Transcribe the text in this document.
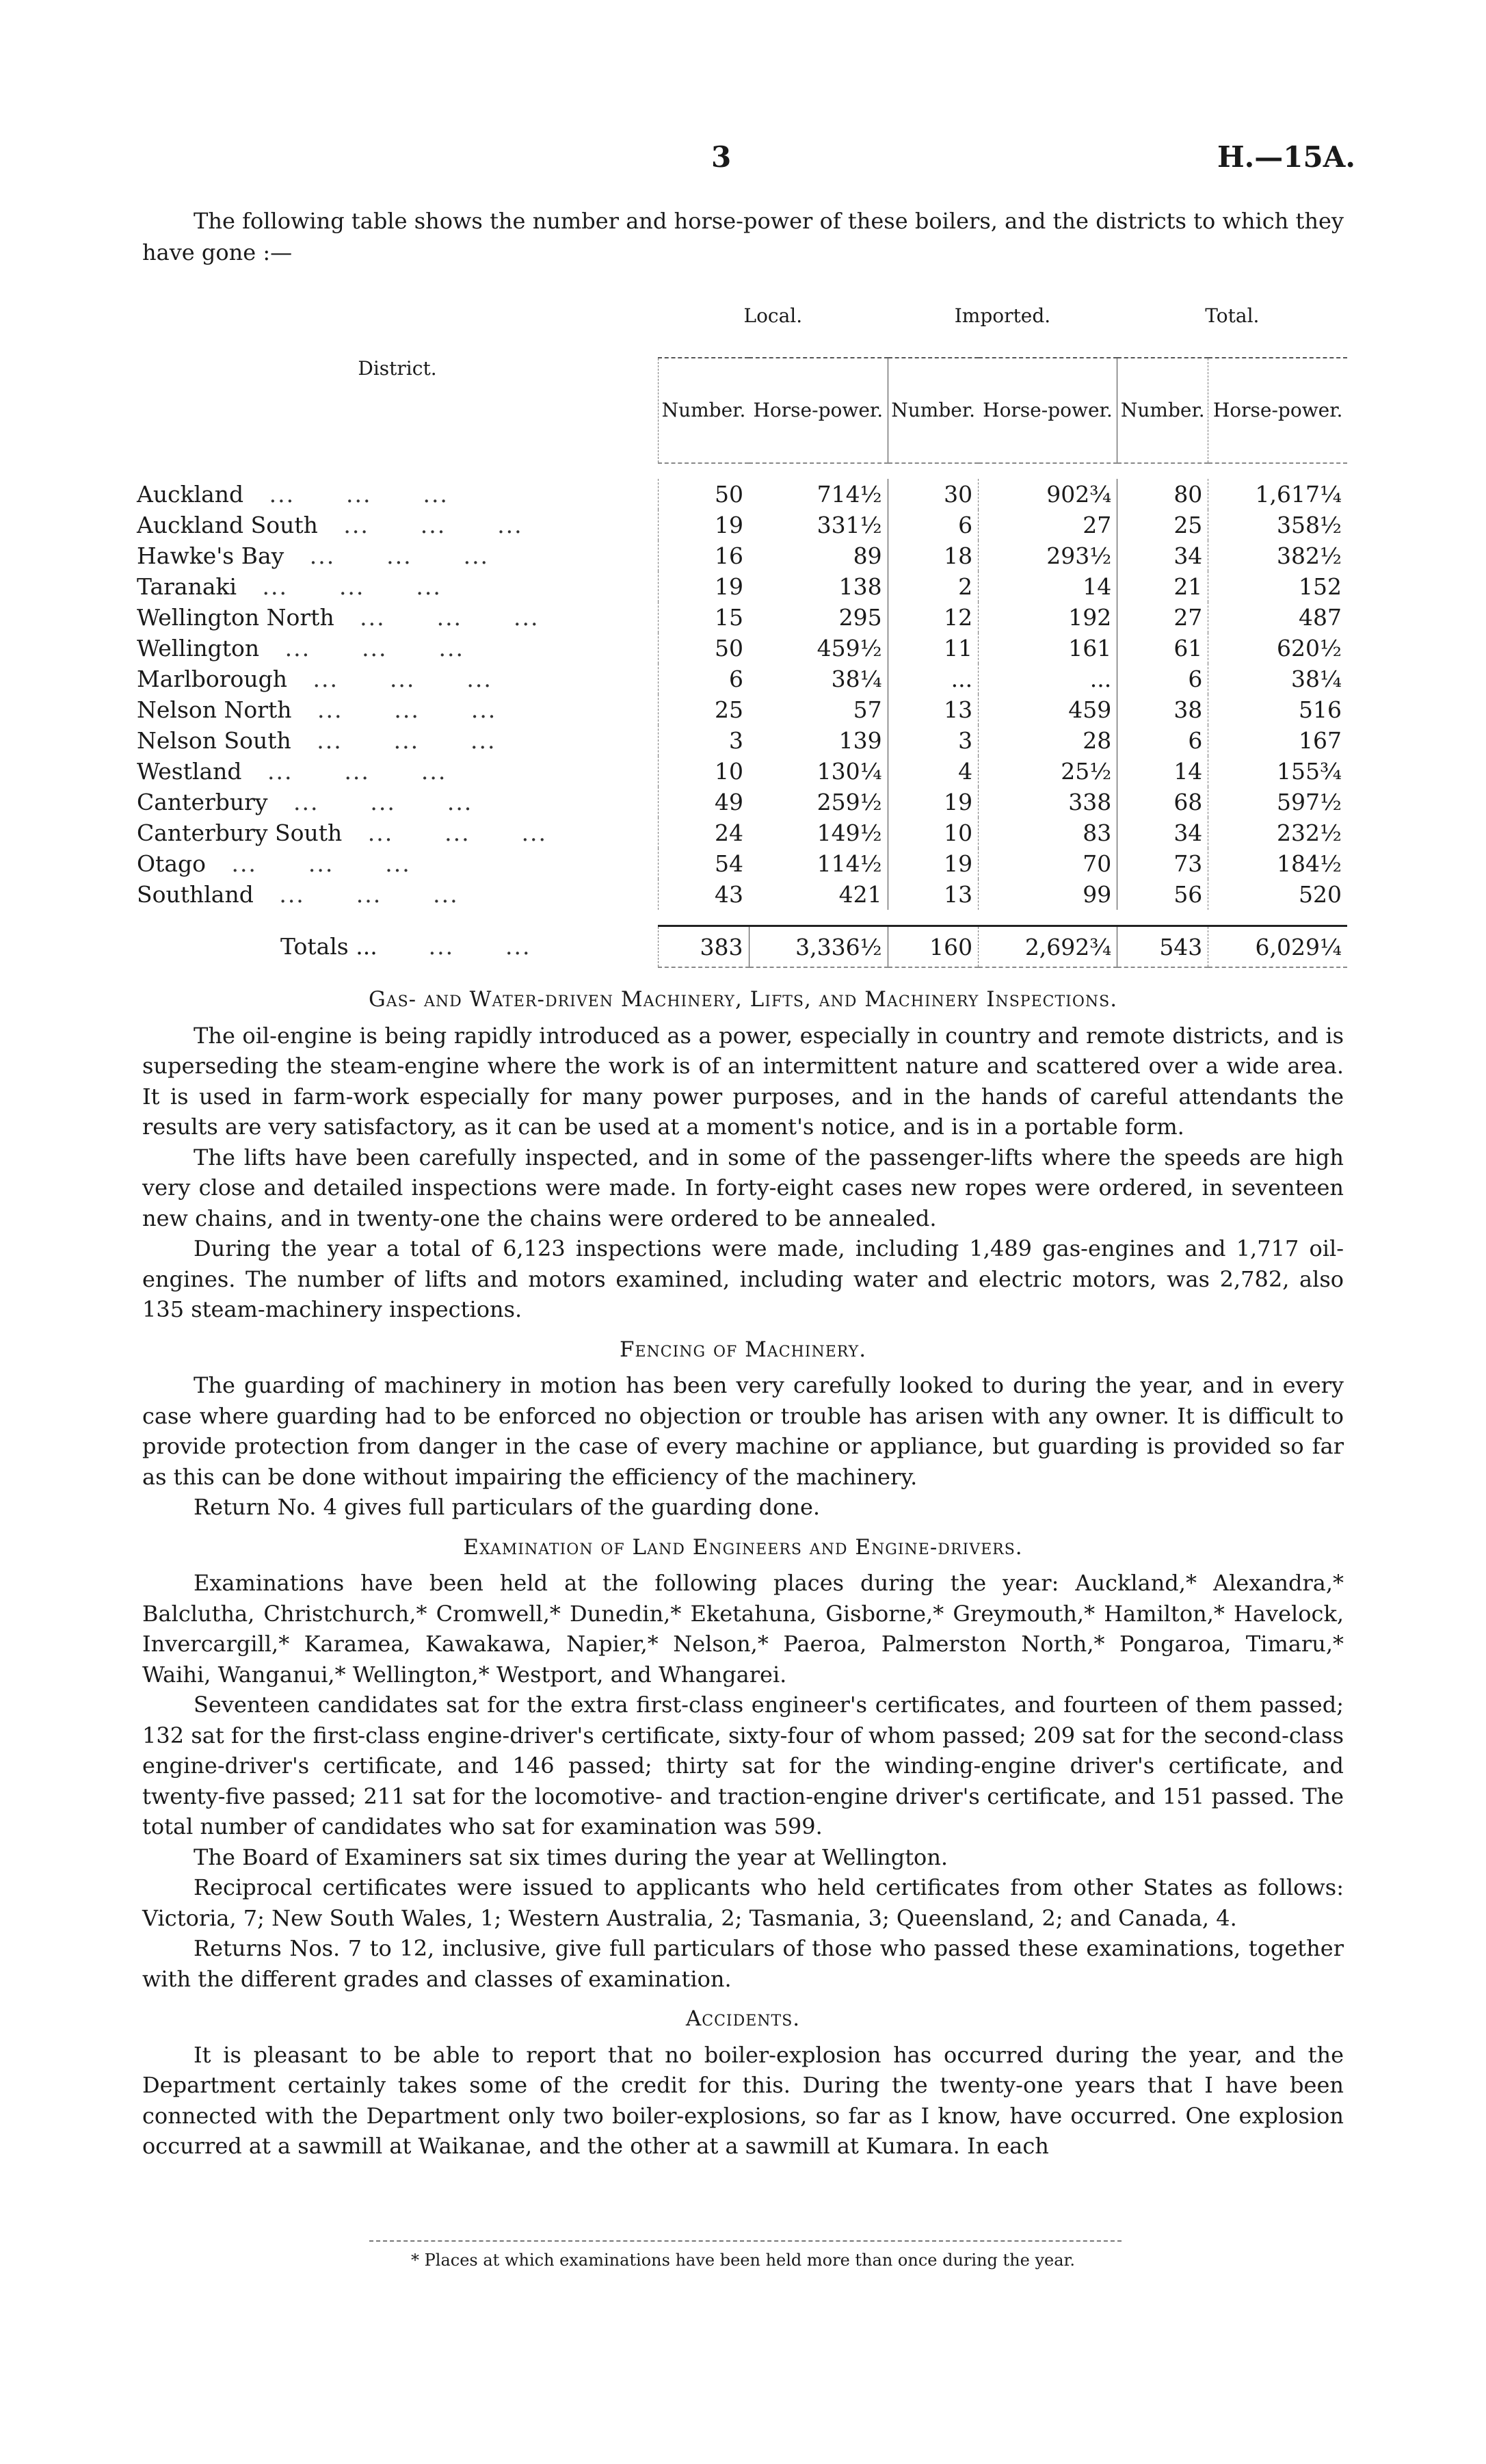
3	H.—15A.
The following table shows the number and horse-power of these boilers, and the districts to which they have gone :—
District.	Local.		Imported.		Total.	
	Number.	Horse-power.	Number.	Horse-power.	Number.	Horse-power.

Auckland   ...      ...      ...	50	714½	30	902¾	80	1,617¼
Auckland South   ...      ...      ...	19	331½	6	27	25	358½
Hawke's Bay   ...      ...      ...	16	89	18	293½	34	382½
Taranaki   ...      ...      ...	19	138	2	14	21	152
Wellington North   ...      ...      ...	15	295	12	192	27	487
Wellington   ...      ...      ...	50	459½	11	161	61	620½
Marlborough   ...      ...      ...	6	38¼	...	...	6	38¼
Nelson North   ...      ...      ...	25	57	13	459	38	516
Nelson South   ...      ...      ...	3	139	3	28	6	167
Westland   ...      ...      ...	10	130¼	4	25½	14	155¾
Canterbury   ...      ...      ...	49	259½	19	338	68	597½
Canterbury South   ...      ...      ...	24	149½	10	83	34	232½
Otago   ...      ...      ...	54	114½	19	70	73	184½
Southland   ...      ...      ...	43	421	13	99	56	520

Totals ...      ...      ...	383	3,336½	160	2,692¾	543	6,029¼
Gas- and Water-driven Machinery, Lifts, and Machinery Inspections.

The oil-engine is being rapidly introduced as a power, especially in country and remote districts, and is superseding the steam-engine where the work is of an intermittent nature and scattered over a wide area. It is used in farm-work especially for many power purposes, and in the hands of careful attendants the results are very satisfactory, as it can be used at a moment's notice, and is in a portable form.

The lifts have been carefully inspected, and in some of the passenger-lifts where the speeds are high very close and detailed inspections were made. In forty-eight cases new ropes were ordered, in seventeen new chains, and in twenty-one the chains were ordered to be annealed.

During the year a total of 6,123 inspections were made, including 1,489 gas-engines and 1,717 oil-engines. The number of lifts and motors examined, including water and electric motors, was 2,782, also 135 steam-machinery inspections.

Fencing of Machinery.

The guarding of machinery in motion has been very carefully looked to during the year, and in every case where guarding had to be enforced no objection or trouble has arisen with any owner. It is difficult to provide protection from danger in the case of every machine or appliance, but guarding is provided so far as this can be done without impairing the efficiency of the machinery.

Return No. 4 gives full particulars of the guarding done.

Examination of Land Engineers and Engine-drivers.

Examinations have been held at the following places during the year: Auckland,* Alexandra,* Balclutha, Christchurch,* Cromwell,* Dunedin,* Eketahuna, Gisborne,* Greymouth,* Hamilton,* Havelock, Invercargill,* Karamea, Kawakawa, Napier,* Nelson,* Paeroa, Palmerston North,* Pongaroa, Timaru,* Waihi, Wanganui,* Wellington,* Westport, and Whangarei.

Seventeen candidates sat for the extra first-class engineer's certificates, and fourteen of them passed; 132 sat for the first-class engine-driver's certificate, sixty-four of whom passed; 209 sat for the second-class engine-driver's certificate, and 146 passed; thirty sat for the winding-engine driver's certificate, and twenty-five passed; 211 sat for the locomotive- and traction-engine driver's certificate, and 151 passed. The total number of candidates who sat for examination was 599.

The Board of Examiners sat six times during the year at Wellington.

Reciprocal certificates were issued to applicants who held certificates from other States as follows: Victoria, 7; New South Wales, 1; Western Australia, 2; Tasmania, 3; Queensland, 2; and Canada, 4.

Returns Nos. 7 to 12, inclusive, give full particulars of those who passed these examinations, together with the different grades and classes of examination.

Accidents.

It is pleasant to be able to report that no boiler-explosion has occurred during the year, and the Department certainly takes some of the credit for this. During the twenty-one years that I have been connected with the Department only two boiler-explosions, so far as I know, have occurred. One explosion occurred at a sawmill at Waikanae, and the other at a sawmill at Kumara. In each

* Places at which examinations have been held more than once during the year.
